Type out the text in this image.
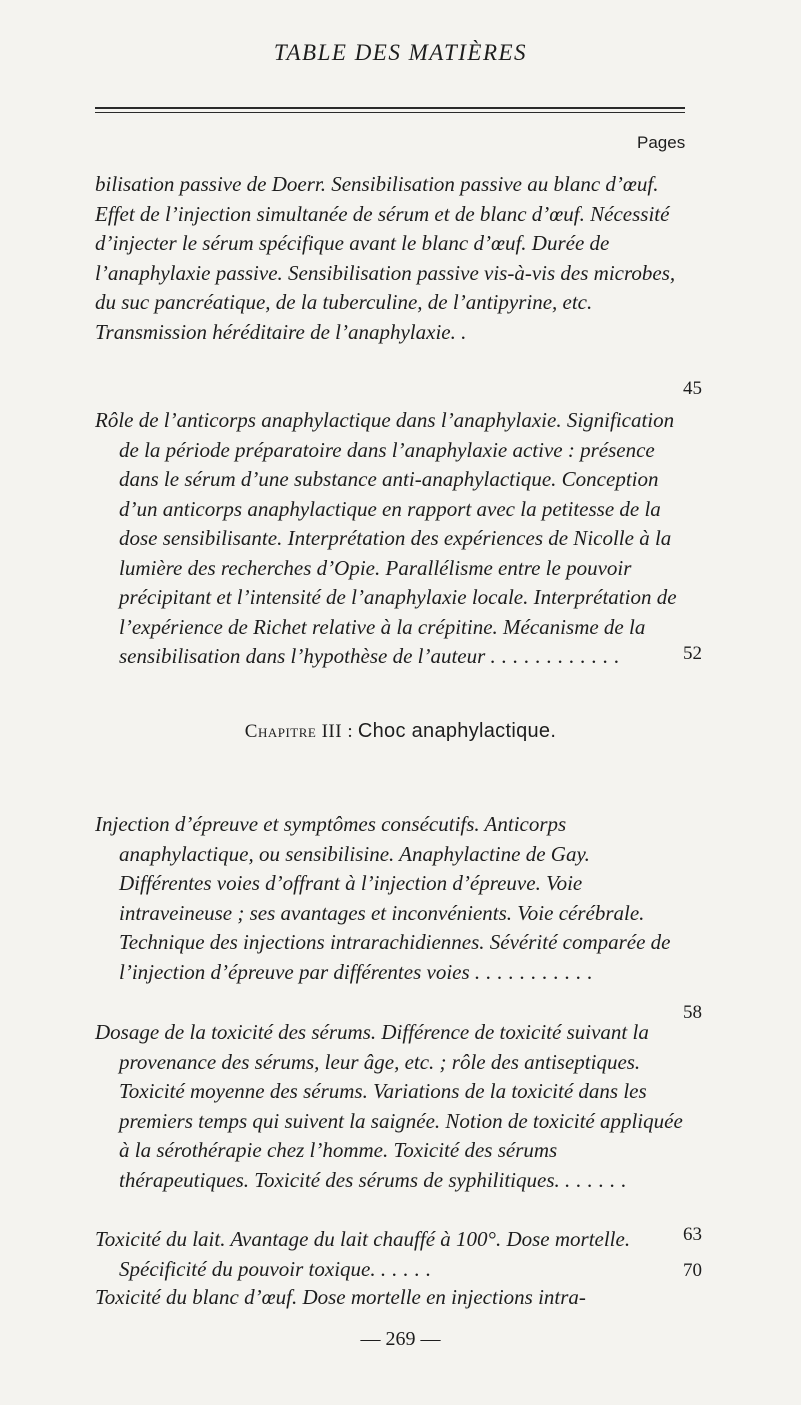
TABLE DES MATIÈRES
Pages
bilisation passive de Doerr. Sensibilisation passive au blanc d’œuf. Effet de l’injection simultanée de sérum et de blanc d’œuf. Nécessité d’injecter le sérum spécifique avant le blanc d’œuf. Durée de l’anaphylaxie passive. Sensibilisation passive vis-à-vis des microbes, du suc pancréatique, de la tuberculine, de l’antipyrine, etc. Transmission héréditaire de l’anaphylaxie. .
45
Rôle de l’anticorps anaphylactique dans l’anaphylaxie. Signification de la période préparatoire dans l’anaphylaxie active : présence dans le sérum d’une substance anti-anaphylactique. Conception d’un anticorps anaphylactique en rapport avec la petitesse de la dose sensibilisante. Interprétation des expériences de Nicolle à la lumière des recherches d’Opie. Parallélisme entre le pouvoir précipitant et l’intensité de l’anaphylaxie locale. Interprétation de l’expérience de Richet relative à la crépitine. Mécanisme de la sensibilisation dans l’hypothèse de l’auteur ............	52
Chapitre III : Choc anaphylactique.
Injection d’épreuve et symptômes consécutifs. Anticorps anaphylactique, ou sensibilisine. Anaphylactine de Gay. Différentes voies d’offrant à l’injection d’épreuve. Voie intraveineuse ; ses avantages et inconvénients. Voie cérébrale. Technique des injections intrarachidiennes. Sévérité comparée de l’injection d’épreuve par différentes voies ...........
58
Dosage de la toxicité des sérums. Différence de toxicité suivant la provenance des sérums, leur âge, etc. ; rôle des antiseptiques. Toxicité moyenne des sérums. Variations de la toxicité dans les premiers temps qui suivent la saignée. Notion de toxicité appliquée à la sérothérapie chez l’homme. Toxicité des sérums thérapeutiques. Toxicité des sérums de syphilitiques. ......
63
Toxicité du lait. Avantage du lait chauffé à 100°. Dose mortelle. Spécificité du pouvoir toxique. .....	70
Toxicité du blanc d’œuf. Dose mortelle en injections intra-
— 269 —
